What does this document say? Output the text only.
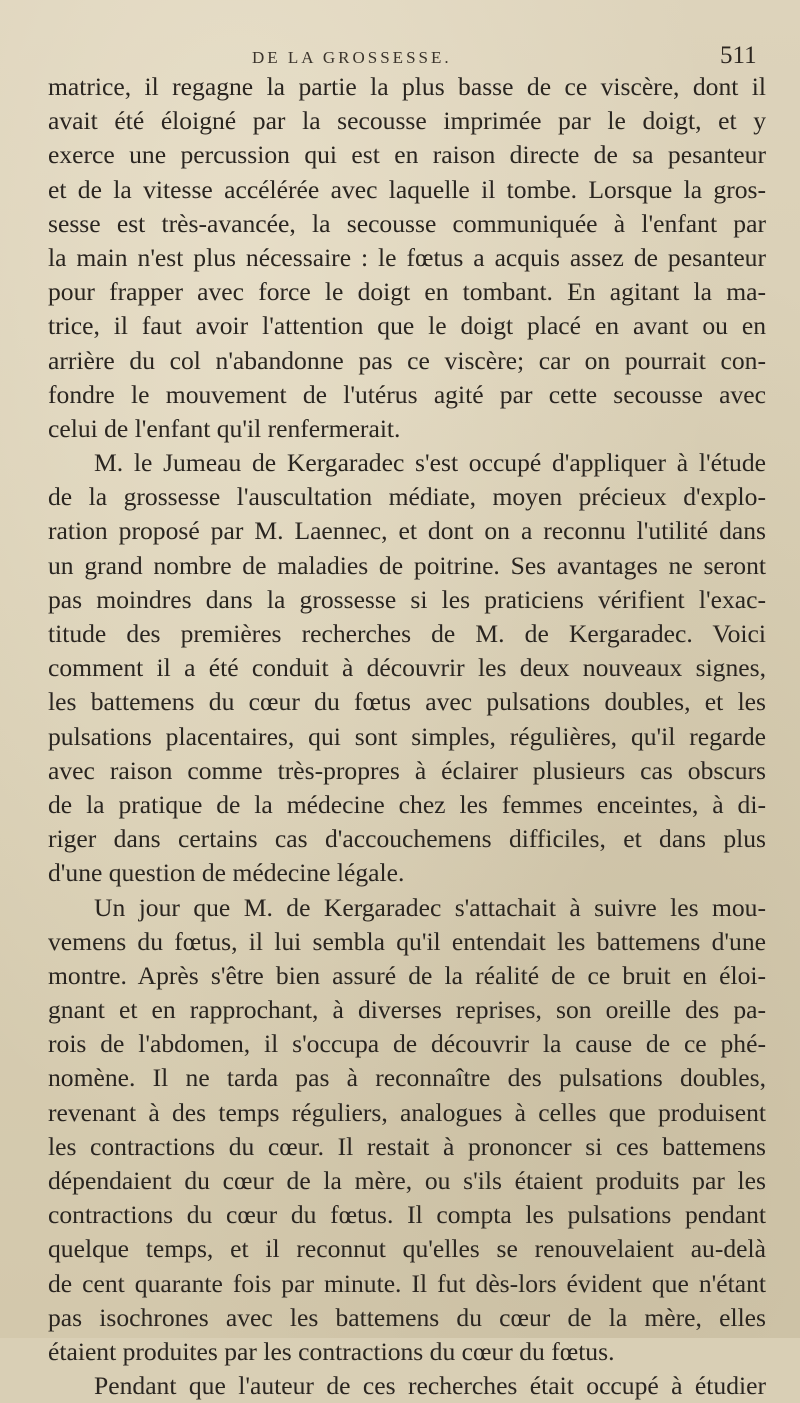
DE LA GROSSESSE.	511
matrice, il regagne la partie la plus basse de ce viscère, dont il
avait été éloigné par la secousse imprimée par le doigt, et y
exerce une percussion qui est en raison directe de sa pesanteur
et de la vitesse accélérée avec laquelle il tombe. Lorsque la gros-
sesse est très-avancée, la secousse communiquée à l'enfant par
la main n'est plus nécessaire : le fœtus a acquis assez de pesanteur
pour frapper avec force le doigt en tombant. En agitant la ma-
trice, il faut avoir l'attention que le doigt placé en avant ou en
arrière du col n'abandonne pas ce viscère; car on pourrait con-
fondre le mouvement de l'utérus agité par cette secousse avec
celui de l'enfant qu'il renfermerait.
M. le Jumeau de Kergaradec s'est occupé d'appliquer à l'étude
de la grossesse l'auscultation médiate, moyen précieux d'explo-
ration proposé par M. Laennec, et dont on a reconnu l'utilité dans
un grand nombre de maladies de poitrine. Ses avantages ne seront
pas moindres dans la grossesse si les praticiens vérifient l'exac-
titude des premières recherches de M. de Kergaradec. Voici
comment il a été conduit à découvrir les deux nouveaux signes,
les battemens du cœur du fœtus avec pulsations doubles, et les
pulsations placentaires, qui sont simples, régulières, qu'il regarde
avec raison comme très-propres à éclairer plusieurs cas obscurs
de la pratique de la médecine chez les femmes enceintes, à di-
riger dans certains cas d'accouchemens difficiles, et dans plus
d'une question de médecine légale.
Un jour que M. de Kergaradec s'attachait à suivre les mou-
vemens du fœtus, il lui sembla qu'il entendait les battemens d'une
montre. Après s'être bien assuré de la réalité de ce bruit en éloi-
gnant et en rapprochant, à diverses reprises, son oreille des pa-
rois de l'abdomen, il s'occupa de découvrir la cause de ce phé-
nomène. Il ne tarda pas à reconnaître des pulsations doubles,
revenant à des temps réguliers, analogues à celles que produisent
les contractions du cœur. Il restait à prononcer si ces battemens
dépendaient du cœur de la mère, ou s'ils étaient produits par les
contractions du cœur du fœtus. Il compta les pulsations pendant
quelque temps, et il reconnut qu'elles se renouvelaient au-delà
de cent quarante fois par minute. Il fut dès-lors évident que n'étant
pas isochrones avec les battemens du cœur de la mère, elles
étaient produites par les contractions du cœur du fœtus.
Pendant que l'auteur de ces recherches était occupé à étudier
